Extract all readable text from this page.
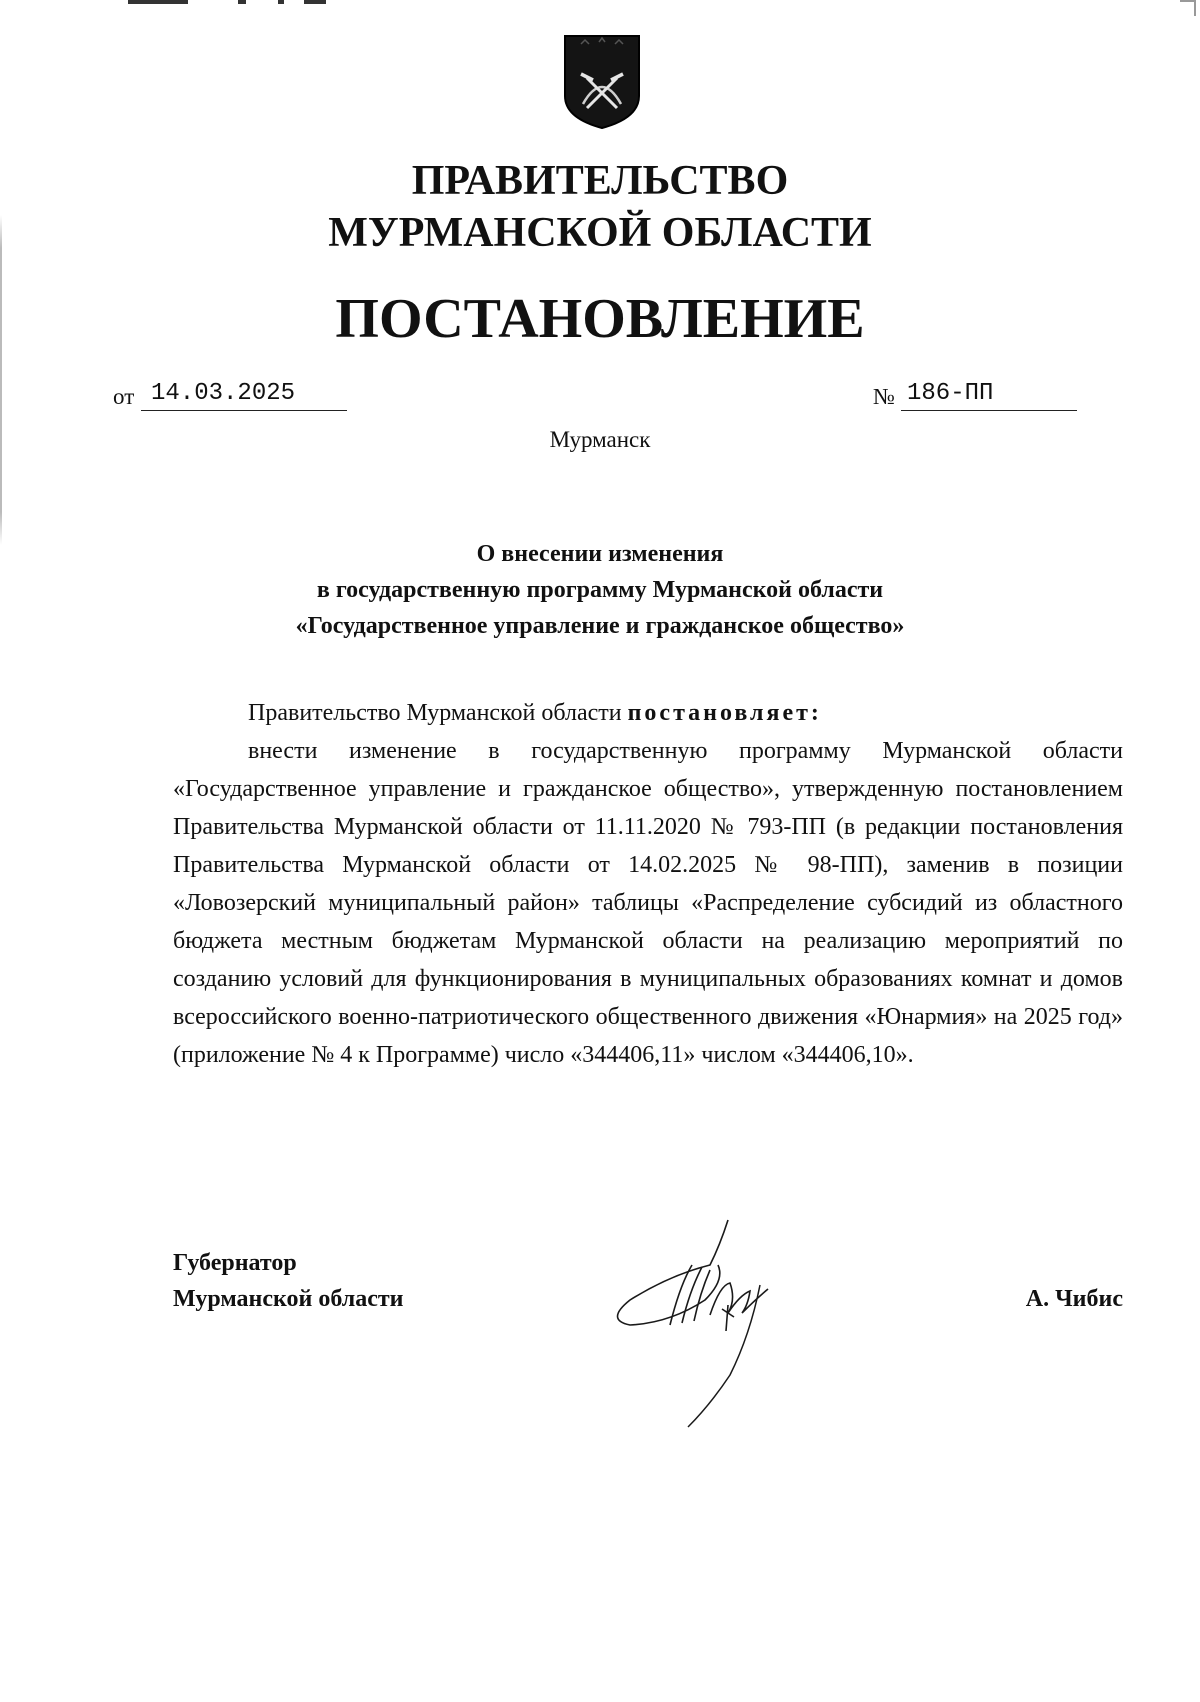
ПРАВИТЕЛЬСТВО
МУРМАНСКОЙ ОБЛАСТИ
ПОСТАНОВЛЕНИЕ
от 14.03.2025	№ 186-ПП
Мурманск
О внесении изменения
в государственную программу Мурманской области
«Государственное управление и гражданское общество»

Правительство Мурманской области постановляет:

внести изменение в государственную программу Мурманской области «Государственное управление и гражданское общество», утвержденную постановлением Правительства Мурманской области от 11.11.2020 № 793-ПП (в редакции постановления Правительства Мурманской области от 14.02.2025 № 98-ПП), заменив в позиции «Ловозерский муниципальный район» таблицы «Распределение субсидий из областного бюджета местным бюджетам Мурманской области на реализацию мероприятий по созданию условий для функционирования в муниципальных образованиях комнат и домов всероссийского военно-патриотического общественного движения «Юнармия» на 2025 год» (приложение № 4 к Программе) число «344406,11» числом «344406,10».

Губернатор
Мурманской области	А. Чибис
